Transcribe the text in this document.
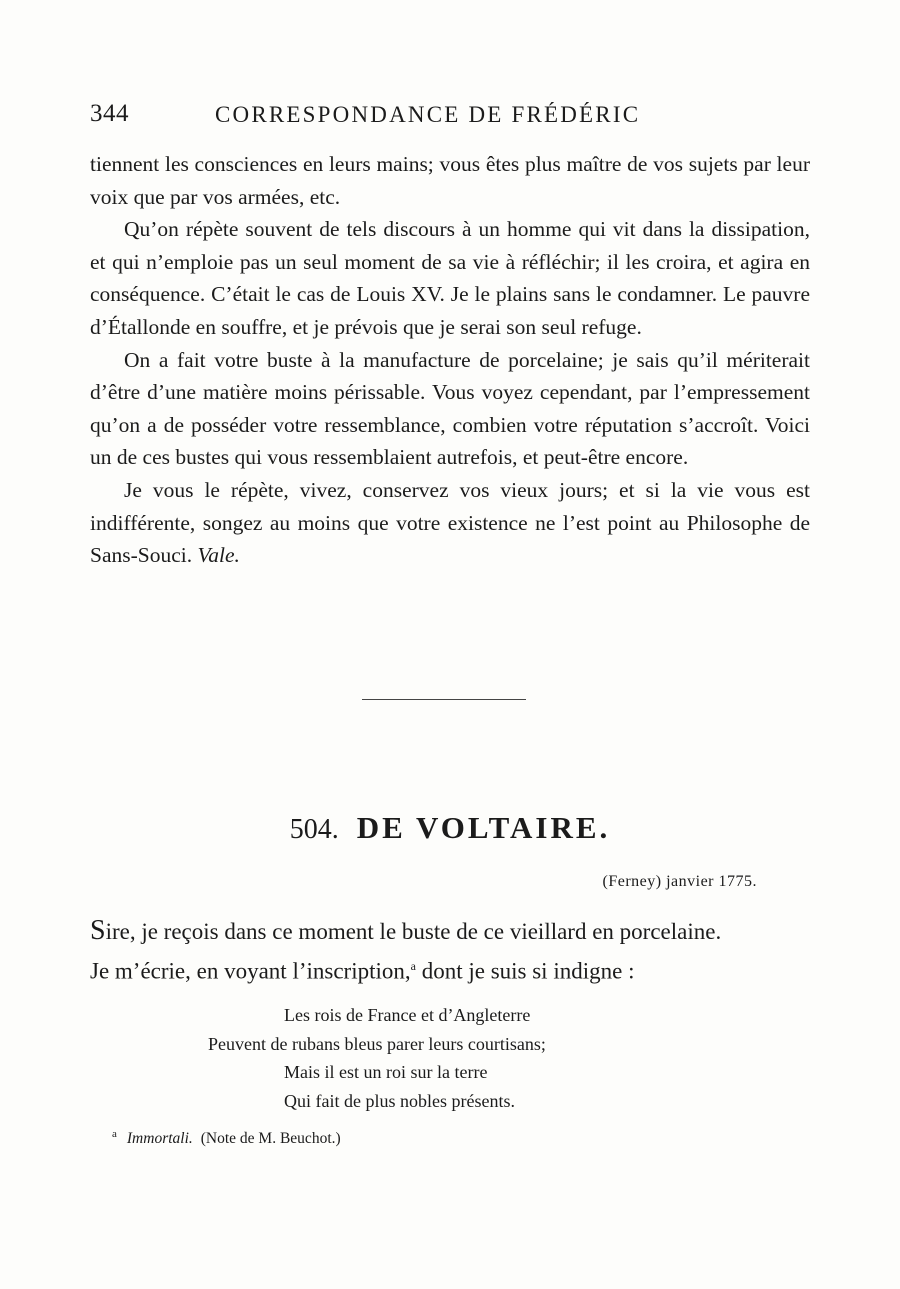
344	CORRESPONDANCE DE FRÉDÉRIC

tiennent les consciences en leurs mains; vous êtes plus maître de vos sujets par leur voix que par vos armées, etc.

Qu’on répète souvent de tels discours à un homme qui vit dans la dissipation, et qui n’emploie pas un seul moment de sa vie à réfléchir; il les croira, et agira en conséquence. C’était le cas de Louis XV. Je le plains sans le condamner. Le pauvre d’Étallonde en souffre, et je prévois que je serai son seul refuge.

On a fait votre buste à la manufacture de porcelaine; je sais qu’il mériterait d’être d’une matière moins périssable. Vous voyez cependant, par l’empressement qu’on a de posséder votre ressemblance, combien votre réputation s’accroît. Voici un de ces bustes qui vous ressemblaient autrefois, et peut-être encore.

Je vous le répète, vivez, conservez vos vieux jours; et si la vie vous est indifférente, songez au moins que votre existence ne l’est point au Philosophe de Sans-Souci. Vale.

504. DE VOLTAIRE.
(Ferney) janvier 1775.

Sire, je reçois dans ce moment le buste de ce vieillard en porcelaine.

Je m’écrie, en voyant l’inscription,$^a$ dont je suis si indigne :

Les rois de France et d’Angleterre
Peuvent de rubans bleus parer leurs courtisans;
Mais il est un roi sur la terre
Qui fait de plus nobles présents.
$^a$ Immortali. (Note de M. Beuchot.)
